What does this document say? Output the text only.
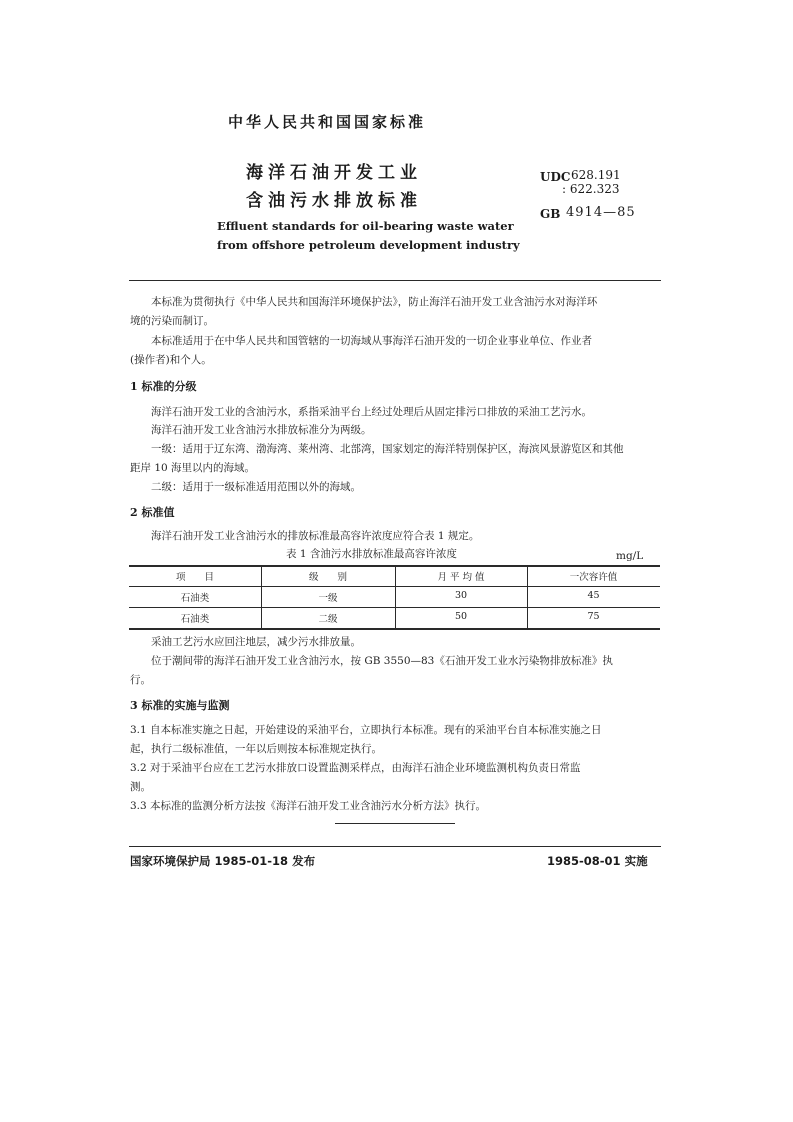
中华人民共和国国家标准
海洋石油开发工业
含油污水排放标准
UDC 628.191
: 622.323
GB 4914—85
Effluent standards for oil-bearing waste water
from offshore petroleum development industry
本标准为贯彻执行《中华人民共和国海洋环境保护法》，防止海洋石油开发工业含油污水对海洋环
境的污染而制订。
本标准适用于在中华人民共和国管辖的一切海域从事海洋石油开发的一切企业事业单位、作业者
(操作者)和个人。
1 标准的分级
海洋石油开发工业的含油污水，系指采油平台上经过处理后从固定排污口排放的采油工艺污水。
海洋石油开发工业含油污水排放标准分为两级。
一级：适用于辽东湾、渤海湾、莱州湾、北部湾，国家划定的海洋特别保护区，海滨风景游览区和其他
距岸 10 海里以内的海域。
二级：适用于一级标准适用范围以外的海域。
2 标准值
海洋石油开发工业含油污水的排放标准最高容许浓度应符合表 1 规定。
表 1 含油污水排放标准最高容许浓度	mg/L
项　　目	级　　别	月 平 均 值	一次容许值
石油类	一级	30	45
石油类	二级	50	75
采油工艺污水应回注地层，减少污水排放量。
位于潮间带的海洋石油开发工业含油污水，按 GB 3550—83《石油开发工业水污染物排放标准》执
行。
3 标准的实施与监测
3.1 自本标准实施之日起，开始建设的采油平台，立即执行本标准。现有的采油平台自本标准实施之日
起，执行二级标准值，一年以后则按本标准规定执行。
3.2 对于采油平台应在工艺污水排放口设置监测采样点，由海洋石油企业环境监测机构负责日常监
测。
3.3 本标准的监测分析方法按《海洋石油开发工业含油污水分析方法》执行。
国家环境保护局 1985-01-18 发布	1985-08-01 实施
